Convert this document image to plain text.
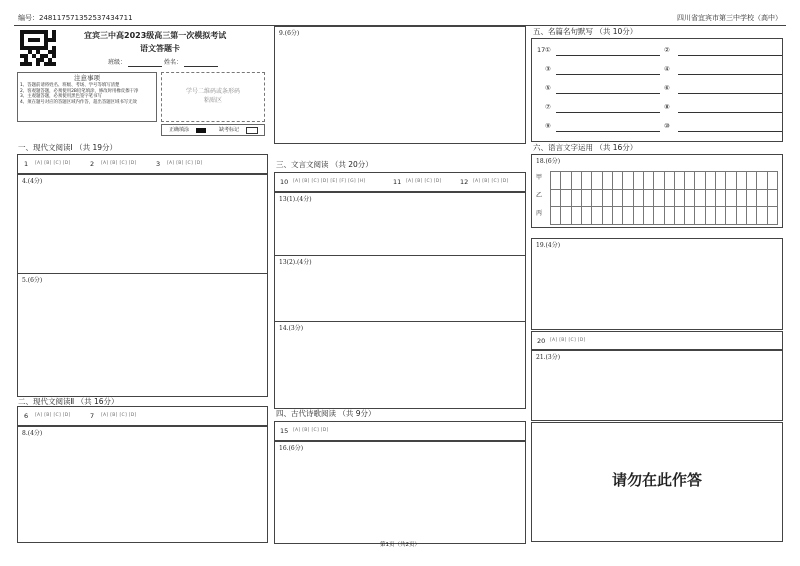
编号：248117571352537434711	四川省宜宾市第三中学校（高中）
宜宾三中高2023级高三第一次模拟考试
语文答题卡
班级：	姓名：
注意事项
1、答题前请将姓名、班级、考场、学号等填写清楚
2、客观题答题，必须使用2B铅笔填涂，修改时用橡皮擦干净
3、主观题答题，必须使用黑色签字笔书写
4、须在题号对应的答题区域内作答，超出答题区域书写无效
学号二维码或条形码
粘贴区
正确填涂	缺考标记
一、现代文阅读Ⅰ （共 19分）
1 [A] [B] [C] [D]	2 [A] [B] [C] [D]	3 [A] [B] [C] [D]
4.(4分)
5.(6分)
二、现代文阅读Ⅱ （共 16分）
6 [A] [B] [C] [D]	7 [A] [B] [C] [D]
8.(4分)
9.(6分)
三、文言文阅读 （共 20分）
10 [A] [B] [C] [D] [E] [F] [G] [H]	11 [A] [B] [C] [D]	12 [A] [B] [C] [D]
13(1).(4分)
13(2).(4分)
14.(3分)
四、古代诗歌阅读 （共 9分）
15 [A] [B] [C] [D]
16.(6分)
五、名篇名句默写 （共 10分）
17 ①	②
③	④
⑤	⑥
⑦	⑧
⑨	⑩
六、语言文字运用 （共 16分）
18.(6分)
甲
乙
丙
19.(4分)
20 [A] [B] [C] [D]
21.(3分)
请勿在此作答
第1页（共2页）
